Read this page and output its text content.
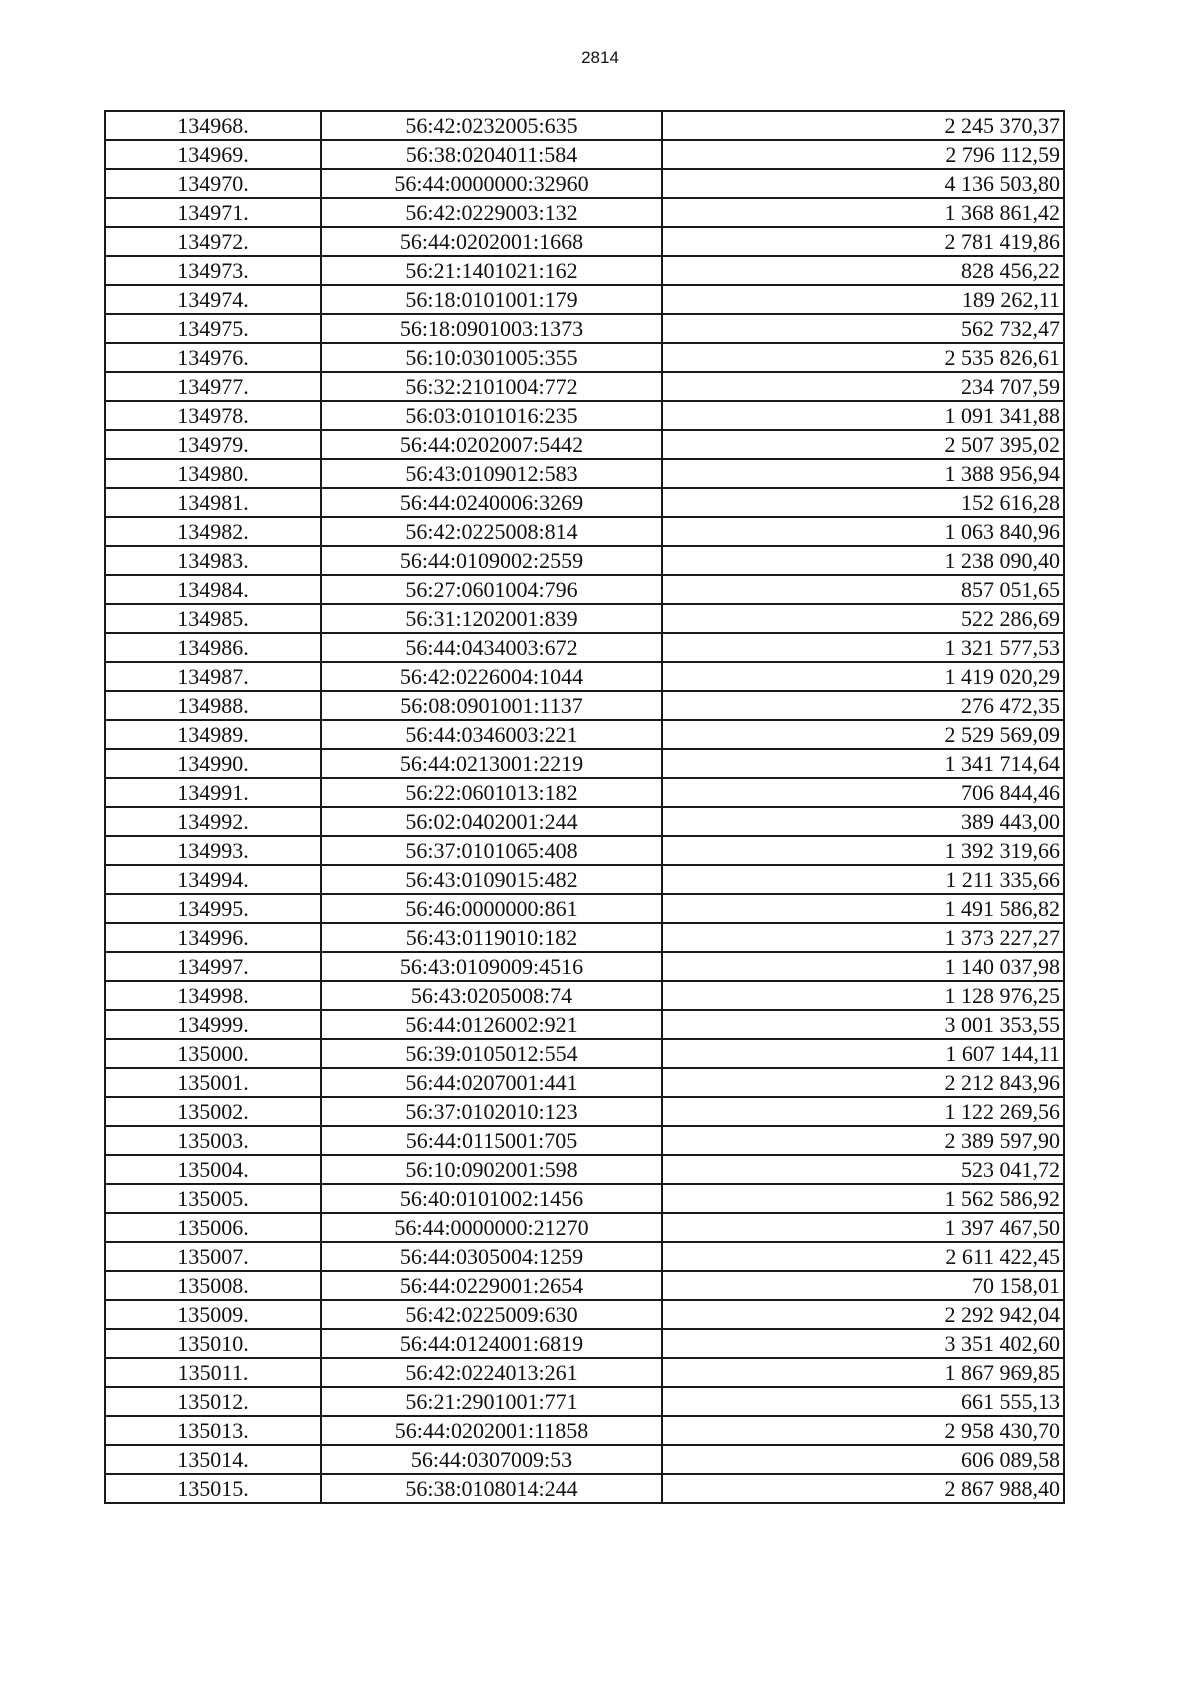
2814
134968.	56:42:0232005:635	2 245 370,37
134969.	56:38:0204011:584	2 796 112,59
134970.	56:44:0000000:32960	4 136 503,80
134971.	56:42:0229003:132	1 368 861,42
134972.	56:44:0202001:1668	2 781 419,86
134973.	56:21:1401021:162	828 456,22
134974.	56:18:0101001:179	189 262,11
134975.	56:18:0901003:1373	562 732,47
134976.	56:10:0301005:355	2 535 826,61
134977.	56:32:2101004:772	234 707,59
134978.	56:03:0101016:235	1 091 341,88
134979.	56:44:0202007:5442	2 507 395,02
134980.	56:43:0109012:583	1 388 956,94
134981.	56:44:0240006:3269	152 616,28
134982.	56:42:0225008:814	1 063 840,96
134983.	56:44:0109002:2559	1 238 090,40
134984.	56:27:0601004:796	857 051,65
134985.	56:31:1202001:839	522 286,69
134986.	56:44:0434003:672	1 321 577,53
134987.	56:42:0226004:1044	1 419 020,29
134988.	56:08:0901001:1137	276 472,35
134989.	56:44:0346003:221	2 529 569,09
134990.	56:44:0213001:2219	1 341 714,64
134991.	56:22:0601013:182	706 844,46
134992.	56:02:0402001:244	389 443,00
134993.	56:37:0101065:408	1 392 319,66
134994.	56:43:0109015:482	1 211 335,66
134995.	56:46:0000000:861	1 491 586,82
134996.	56:43:0119010:182	1 373 227,27
134997.	56:43:0109009:4516	1 140 037,98
134998.	56:43:0205008:74	1 128 976,25
134999.	56:44:0126002:921	3 001 353,55
135000.	56:39:0105012:554	1 607 144,11
135001.	56:44:0207001:441	2 212 843,96
135002.	56:37:0102010:123	1 122 269,56
135003.	56:44:0115001:705	2 389 597,90
135004.	56:10:0902001:598	523 041,72
135005.	56:40:0101002:1456	1 562 586,92
135006.	56:44:0000000:21270	1 397 467,50
135007.	56:44:0305004:1259	2 611 422,45
135008.	56:44:0229001:2654	70 158,01
135009.	56:42:0225009:630	2 292 942,04
135010.	56:44:0124001:6819	3 351 402,60
135011.	56:42:0224013:261	1 867 969,85
135012.	56:21:2901001:771	661 555,13
135013.	56:44:0202001:11858	2 958 430,70
135014.	56:44:0307009:53	606 089,58
135015.	56:38:0108014:244	2 867 988,40
